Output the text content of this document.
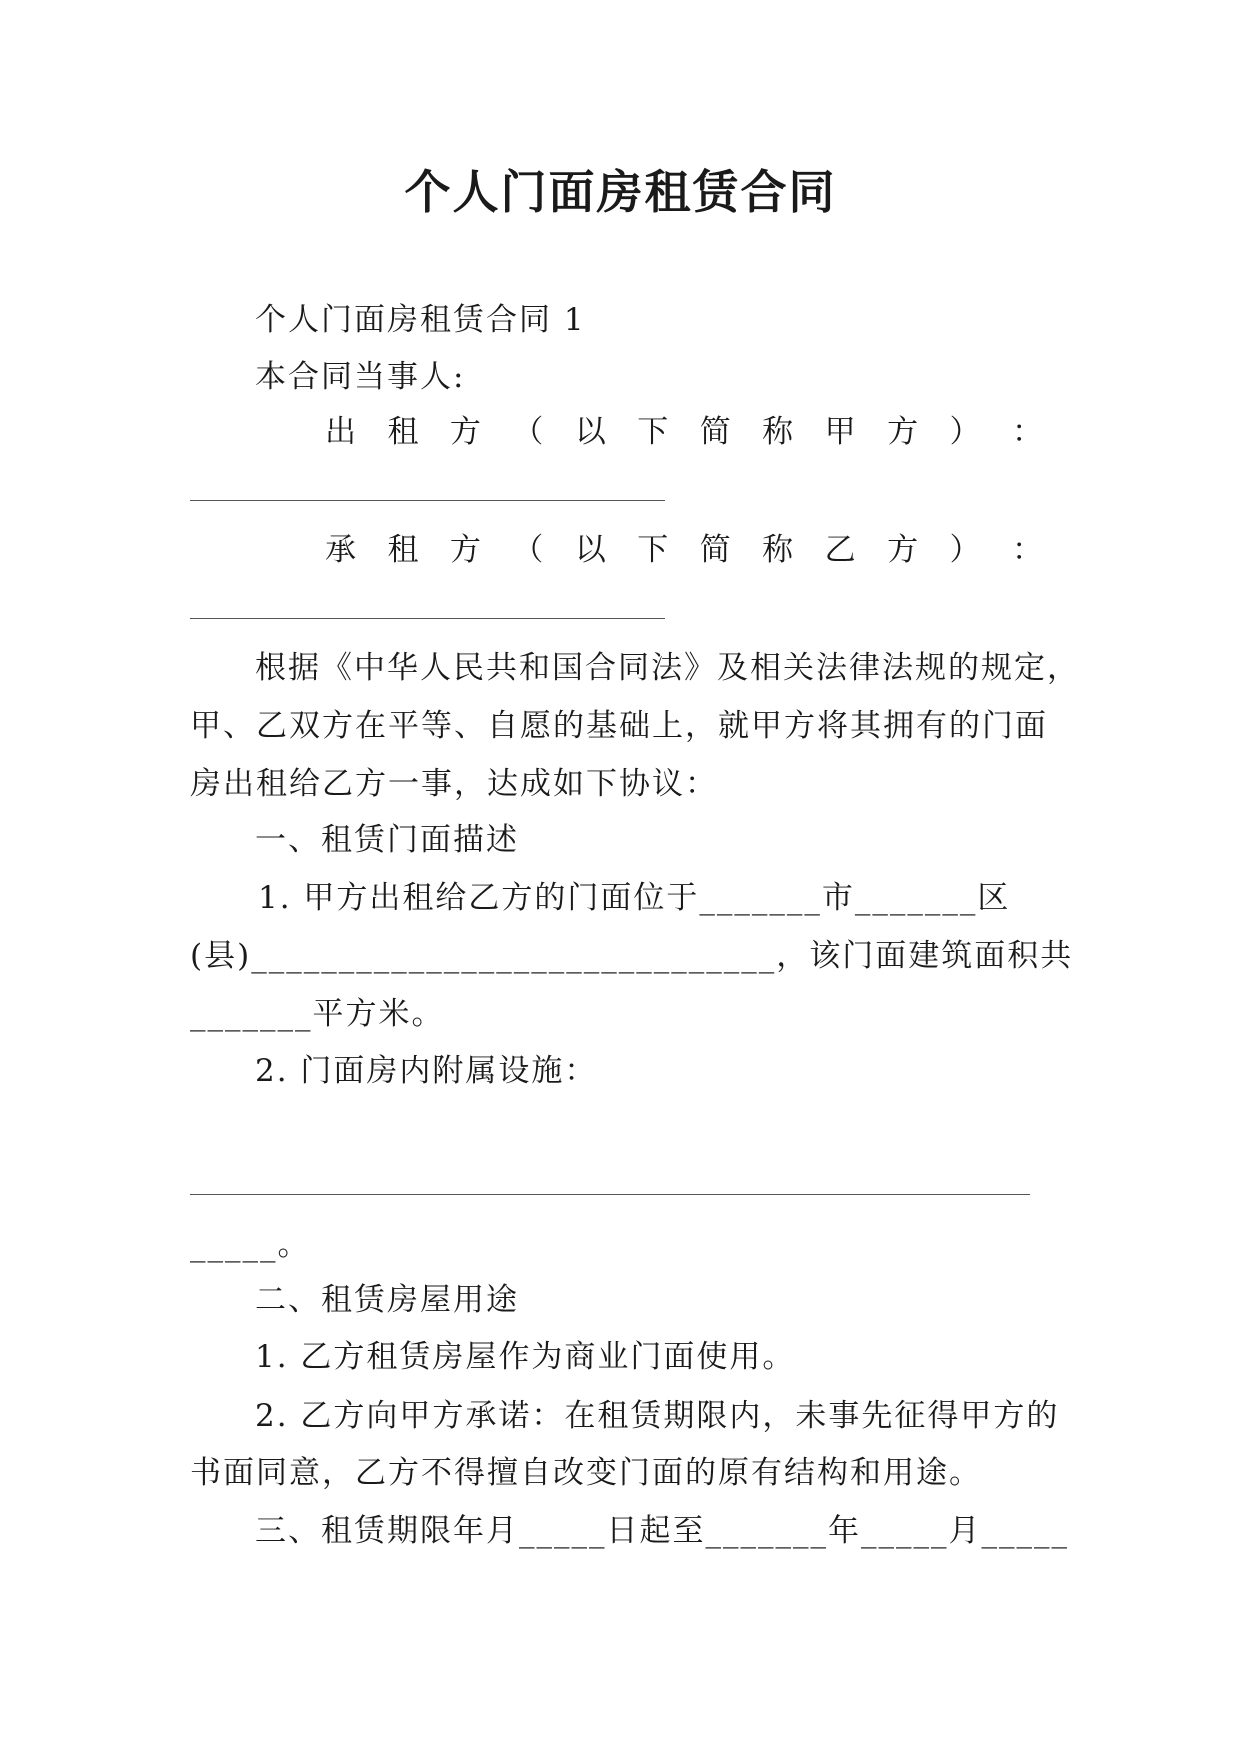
个人门面房租赁合同
个人门面房租赁合同 1
本合同当事人:
出 租 方 （ 以 下 简 称 甲 方 ） ：
承 租 方 （ 以 下 简 称 乙 方 ） ：
根据《中华人民共和国合同法》及相关法律法规的规定，
甲、乙双方在平等、自愿的基础上，就甲方将其拥有的门面
房出租给乙方一事，达成如下协议：
一、租赁门面描述
1. 甲方出租给乙方的门面位于_______市_______区
(县)______________________________，该门面建筑面积共
_______平方米。
2. 门面房内附属设施：
_____。
二、租赁房屋用途
1. 乙方租赁房屋作为商业门面使用。
2. 乙方向甲方承诺：在租赁期限内，未事先征得甲方的
书面同意，乙方不得擅自改变门面的原有结构和用途。
三、租赁期限年月_____日起至_______年_____月_____
